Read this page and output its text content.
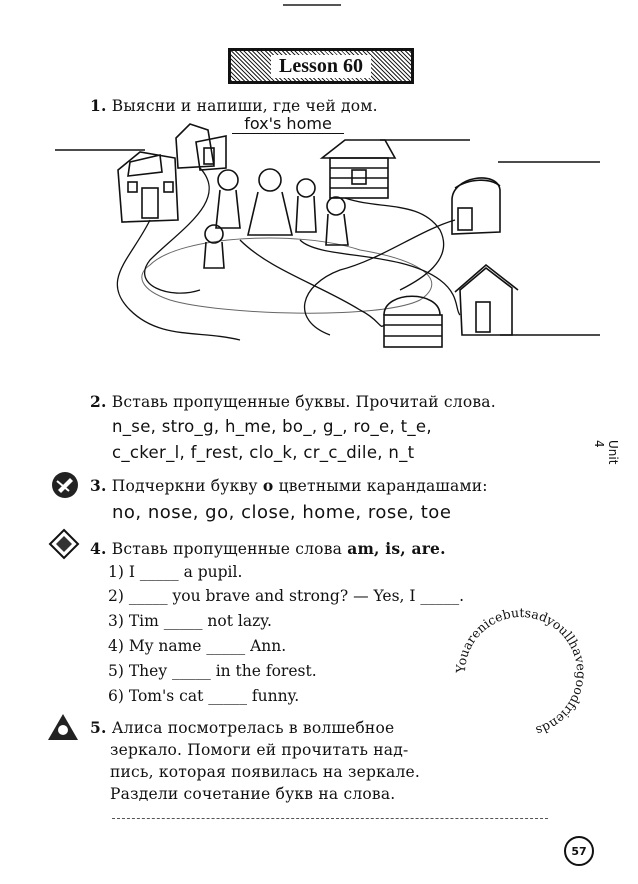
Lesson 60
1. Выясни и напиши, где чей дом.
fox's home
2. Вставь пропущенные буквы. Прочитай слова.
n_se, stro_g, h_me, bo_, g_, ro_e, t_e,
c_cker_l, f_rest, clo_k, cr_c_dile, n_t
3. Подчеркни букву о цветными карандашами:
no, nose, go, close, home, rose, toe
4. Вставь пропущенные слова am, is, are.
1) I _____ a pupil.
2) _____ you brave and strong? — Yes, I _____.
3) Tim _____ not lazy.
4) My name _____ Ann.
5) They _____ in the forest.
6) Tom's cat _____ funny.
Youarenicebutsadyoullhavegoodfriends
5. Алиса посмотрелась в волшебное
зеркало. Помоги ей прочитать над-
пись, которая появилась на зеркале.
Раздели сочетание букв на слова.
Unit 4
57
